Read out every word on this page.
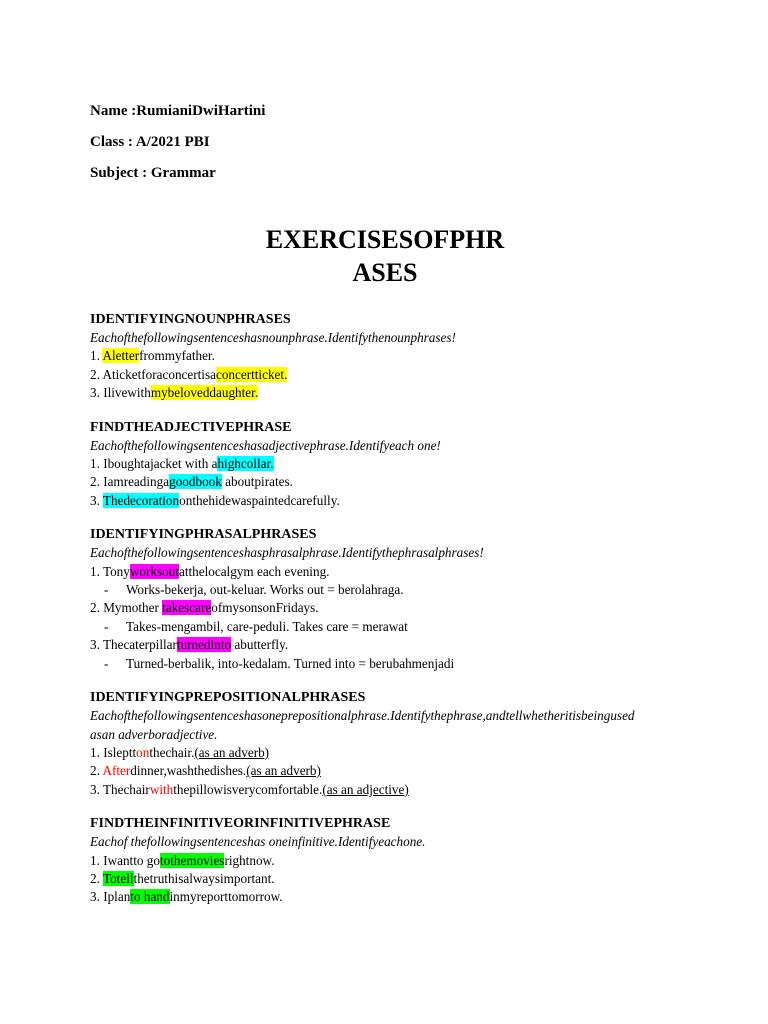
Name :RumianiDwiHartini
Class : A/2021 PBI
Subject : Grammar
EXERCISESOFPHR
ASES
IDENTIFYINGNOUNPHRASES
Eachofthefollowingsentenceshasnounphrase.Identifythenounphrases!
1. Aletterfrommyfather.
2. Aticketforaconcertisaconcertticket.
3. Ilivewithmybeloveddaughter.
FINDTHEADJECTIVEPHRASE
Eachofthefollowingsentenceshasadjectivephrase.Identifyeach one!
1. Iboughtajacket with ahighcollar.
2. Iamreadingagoodbook aboutpirates.
3. Thedecorationonthehidewaspaintedcarefully.
IDENTIFYINGPHRASALPHRASES
Eachofthefollowingsentenceshasphrasalphrase.Identifythephrasalphrases!
1. Tonyworksoutatthelocalgym each evening.
- Works-bekerja, out-keluar. Works out = berolahraga.
2. Mymother takescareofmysonsonFridays.
- Takes-mengambil, care-peduli. Takes care = merawat
3. Thecaterpillarturnedinto abutterfly.
- Turned-berbalik, into-kedalam. Turned into = berubahmenjadi
IDENTIFYINGPREPOSITIONALPHRASES
Eachofthefollowingsentenceshasoneprepositionalphrase.Identifythephrase,andtellwhetheritisbeingused
asan adverboradjective.
1. Islepttonthechair.(as an adverb)
2. Afterdinner,washthedishes.(as an adverb)
3. Thechairwiththepillowisverycomfortable.(as an adjective)
FINDTHEINFINITIVEORINFINITIVEPHRASE
Eachof thefollowingsentenceshas oneinfinitive.Identifyeachone.
1. Iwantto gotothemoviesrightnow.
2. Totellthetruthisalwaysimportant.
3. Iplanto handinmyreporttomorrow.
